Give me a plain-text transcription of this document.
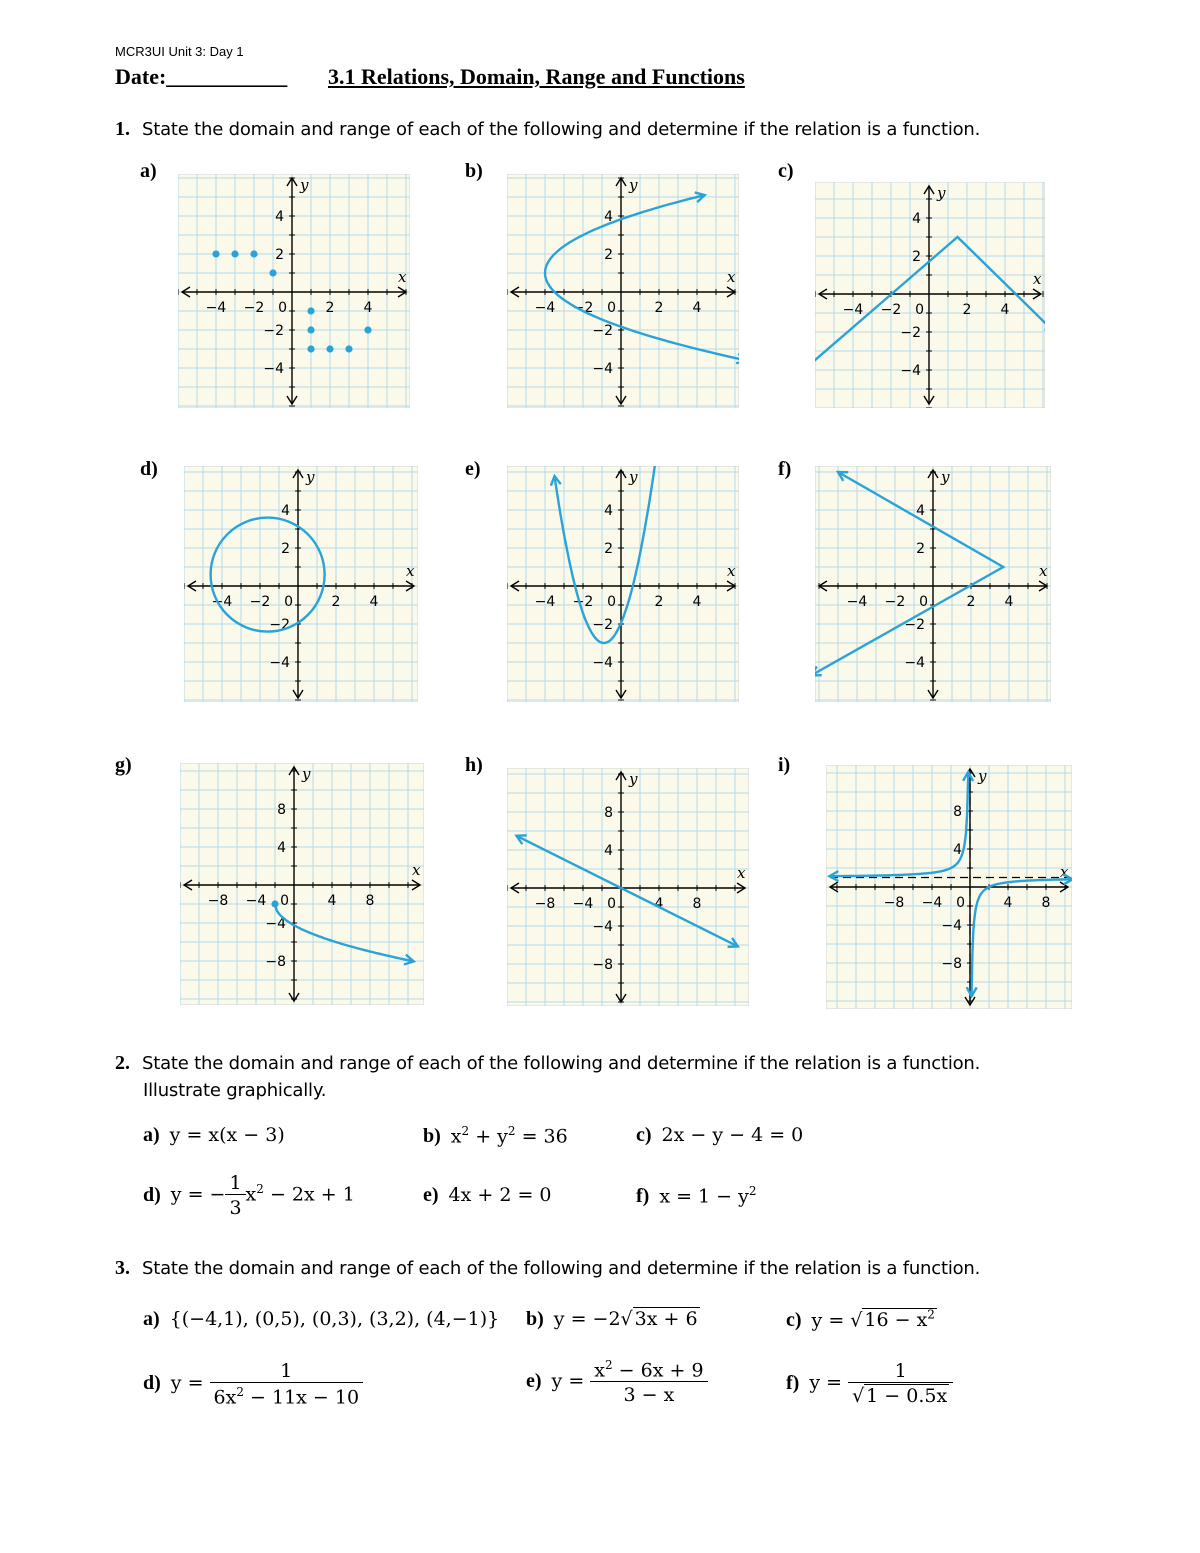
MCR3UI Unit 3: Day 1
Date:___________ 3.1 Relations, Domain, Range and Functions
1. State the domain and range of each of the following and determine if the relation is a function.
a)	b)	c)
d)	e)	f)
g)	h)	i)
−4
−4
−2
−2
2
2
4
4
0
x
y
−4
−4
−2
−2
2
2
4
4
0
x
y
−4
−4
−2
−2
2
2
4
4
0
x
y
−4
−4
−2
−2
2
2
4
4
0
x
y
−4
−4
−2
−2
2
2
4
4
0
x
y
−4
−4
−2
−2
2
2
4
4
0
x
y
−8
−8
−4
−4
4
4
8
8
0
x
y
−8
−8
−4
−4
4
4
8
8
0
x
y
−8
−8
−4
−4
4
4
8
8
0
x
y
2. State the domain and range of each of the following and determine if the relation is a function.
Illustrate graphically.
a) y = x(x − 3)	b) $x^2 + y^2 = 36$	c) 2x − y − 4 = 0
d) y = − $\frac{1}{3} x^2 - 2x + 1$	e) 4x + 2 = 0	f) $x = 1 - y^2$
3. State the domain and range of each of the following and determine if the relation is a function.
a) {(−4,1), (0,5), (0,3), (3,2), (4,−1)} b) y = −2√ 3x + 6	c) y = √ $16 - x^2$
d) $y = \frac{1}{6x^2 - 11x - 10}$	e) $y = \frac{x^2 - 6x + 9}{3 - x}$	f) $y = \frac{1}{√ 1 - 0.5x}$
